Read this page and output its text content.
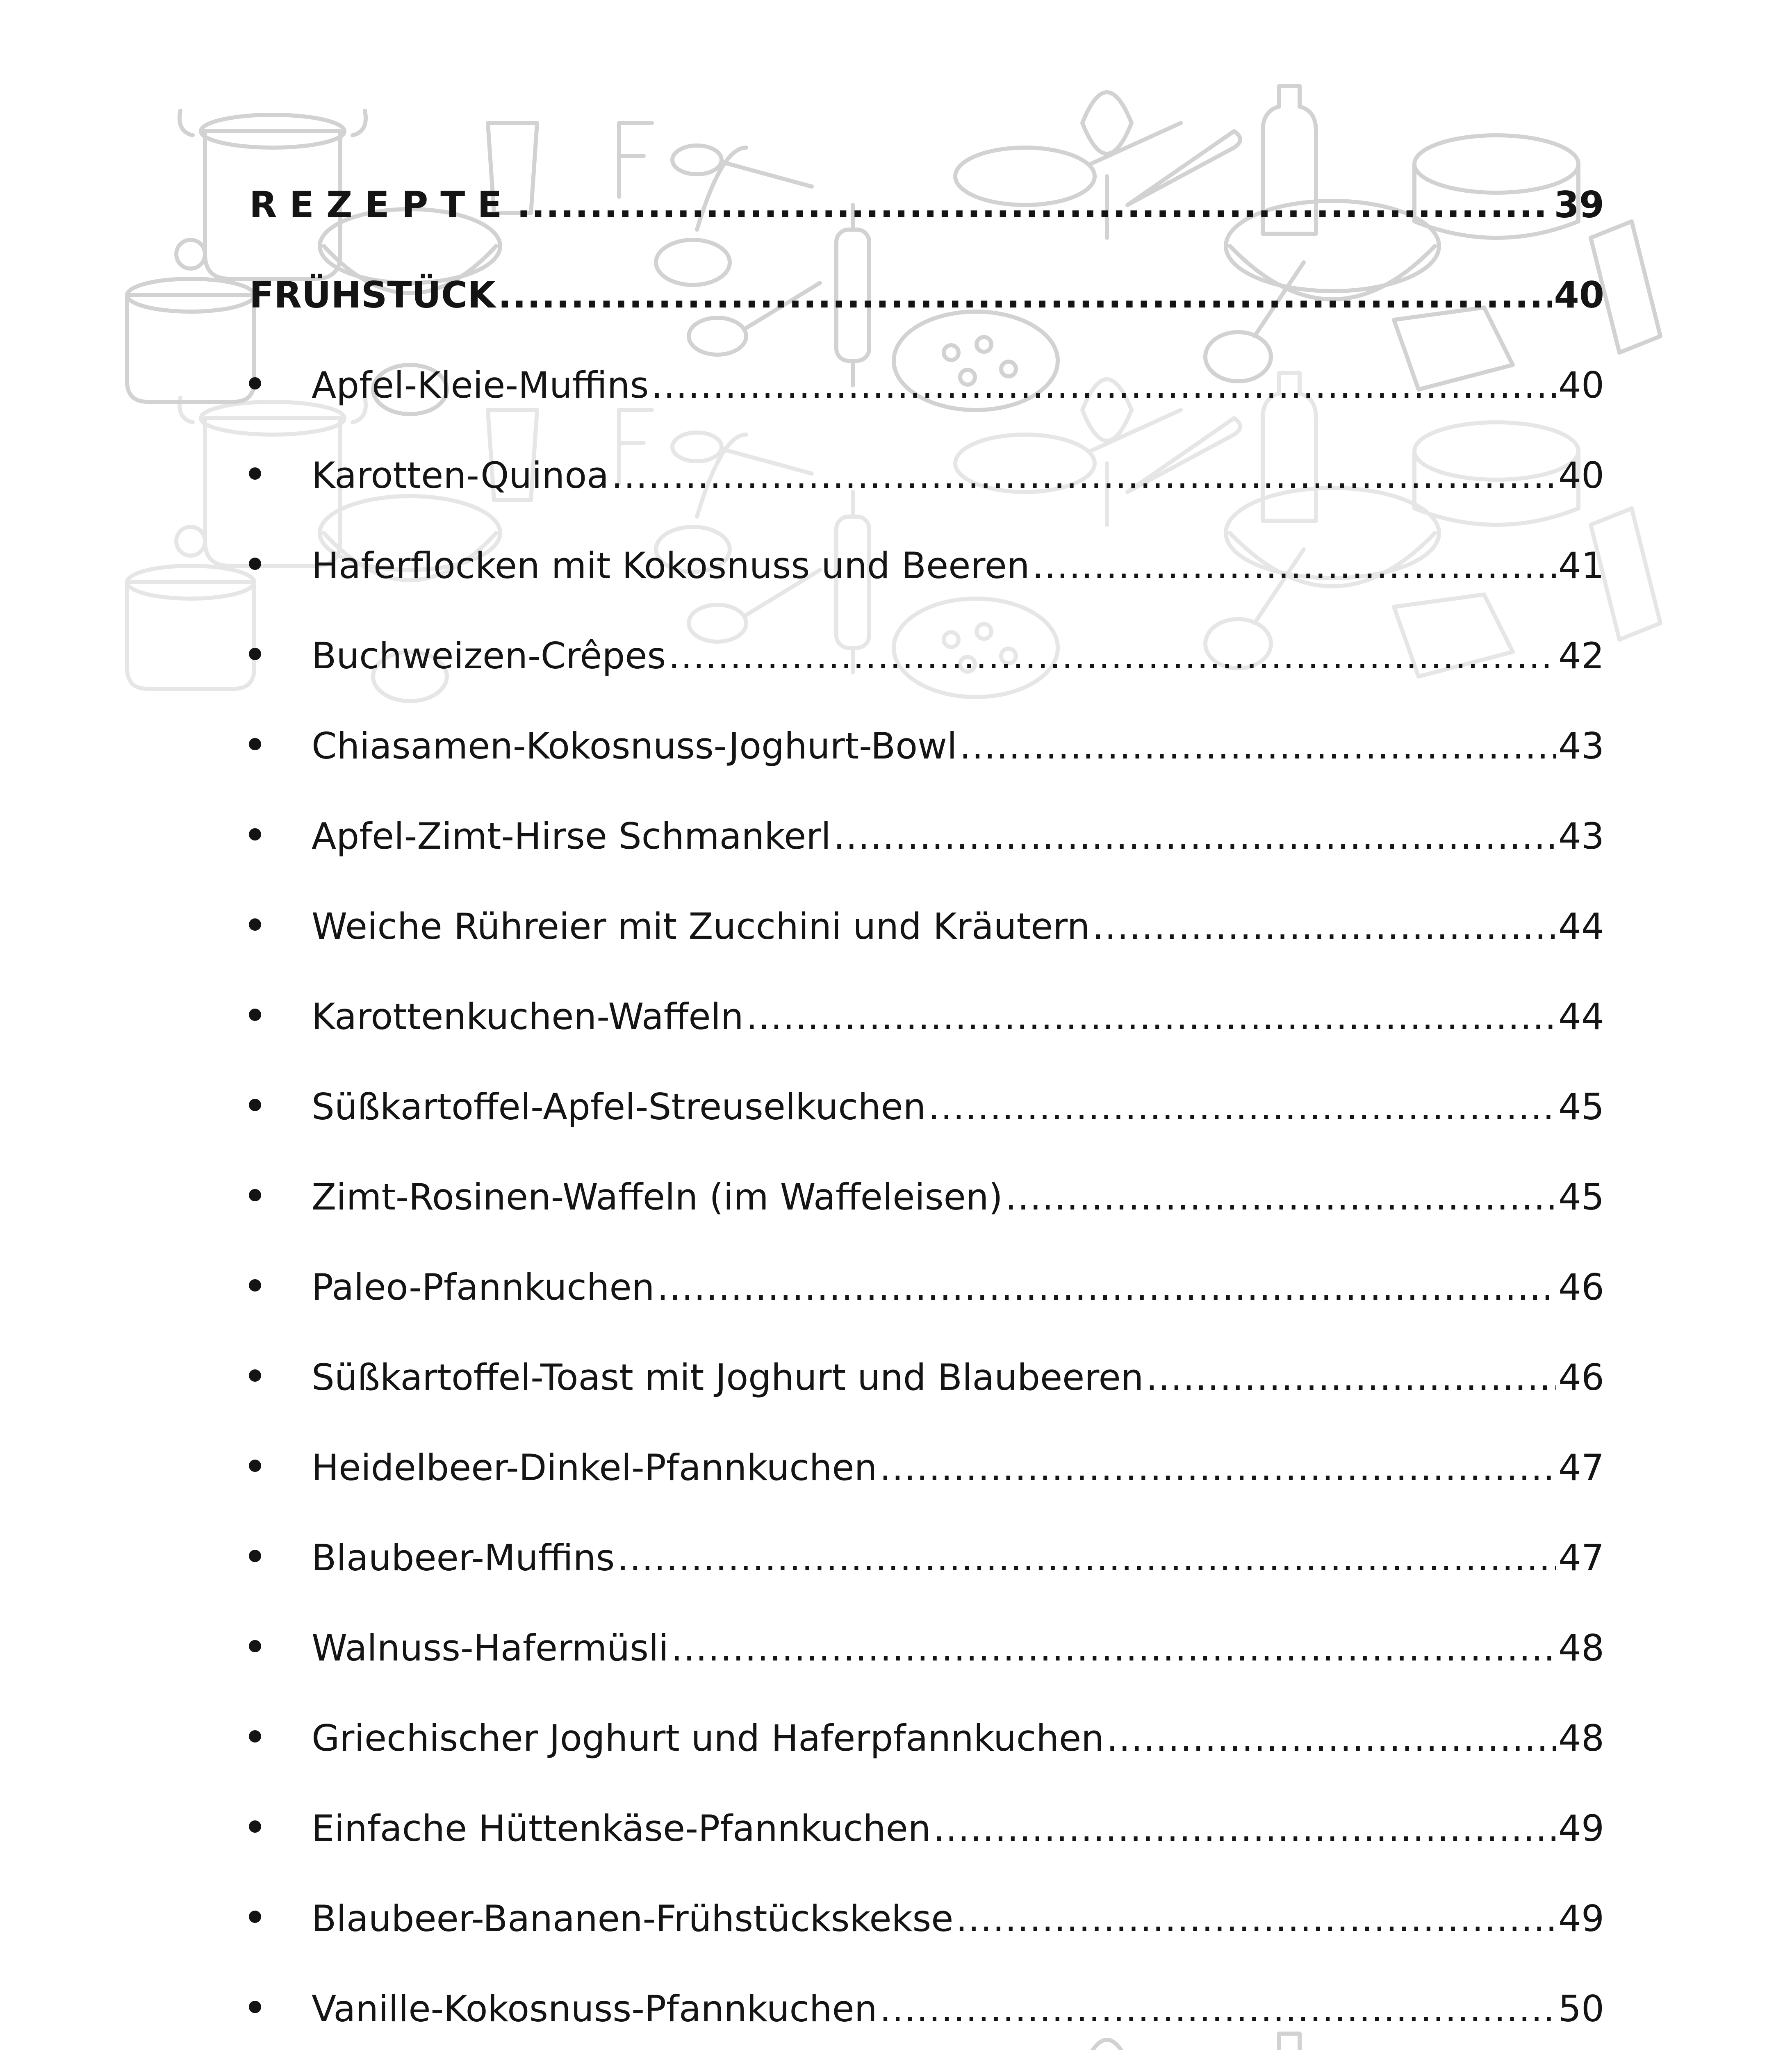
REZEPTE .....	39
FRÜHSTÜCK .....	40
Apfel-Kleie-Muffins .....	40
Karotten-Quinoa .....	40
Haferflocken mit Kokosnuss und Beeren .....	41
Buchweizen-Crêpes .....	42
Chiasamen-Kokosnuss-Joghurt-Bowl .....	43
Apfel-Zimt-Hirse Schmankerl .....	43
Weiche Rühreier mit Zucchini und Kräutern .....	44
Karottenkuchen-Waffeln .....	44
Süßkartoffel-Apfel-Streuselkuchen .....	45
Zimt-Rosinen-Waffeln (im Waffeleisen) .....	45
Paleo-Pfannkuchen .....	46
Süßkartoffel-Toast mit Joghurt und Blaubeeren .....	46
Heidelbeer-Dinkel-Pfannkuchen .....	47
Blaubeer-Muffins .....	47
Walnuss-Hafermüsli .....	48
Griechischer Joghurt und Haferpfannkuchen .....	48
Einfache Hüttenkäse-Pfannkuchen .....	49
Blaubeer-Bananen-Frühstückskekse .....	49
Vanille-Kokosnuss-Pfannkuchen .....	50
